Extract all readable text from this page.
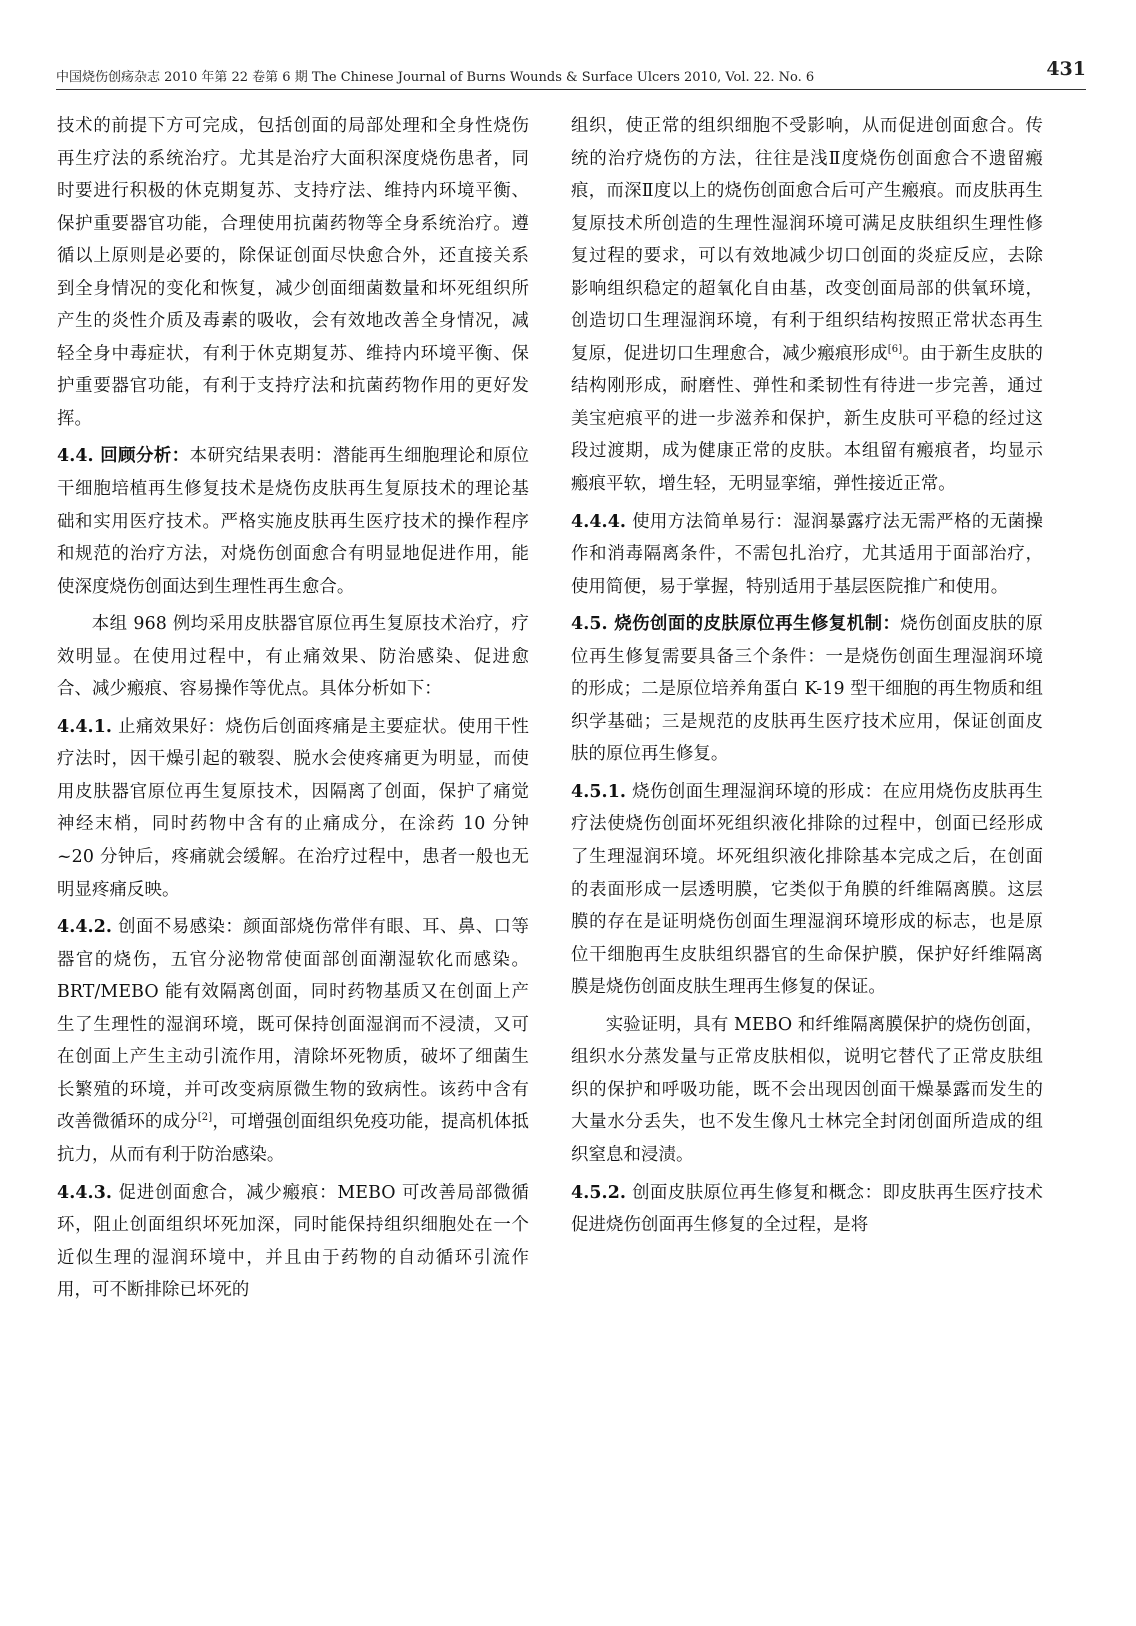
中国烧伤创疡杂志 2010 年第 22 卷第 6 期 The Chinese Journal of Burns Wounds & Surface Ulcers 2010, Vol. 22. No. 6	431

技术的前提下方可完成，包括创面的局部处理和全身性烧伤再生疗法的系统治疗。尤其是治疗大面积深度烧伤患者，同时要进行积极的休克期复苏、支持疗法、维持内环境平衡、保护重要器官功能，合理使用抗菌药物等全身系统治疗。遵循以上原则是必要的，除保证创面尽快愈合外，还直接关系到全身情况的变化和恢复，减少创面细菌数量和坏死组织所产生的炎性介质及毒素的吸收，会有效地改善全身情况，减轻全身中毒症状，有利于休克期复苏、维持内环境平衡、保护重要器官功能，有利于支持疗法和抗菌药物作用的更好发挥。

4.4. 回顾分析：本研究结果表明：潜能再生细胞理论和原位干细胞培植再生修复技术是烧伤皮肤再生复原技术的理论基础和实用医疗技术。严格实施皮肤再生医疗技术的操作程序和规范的治疗方法，对烧伤创面愈合有明显地促进作用，能使深度烧伤创面达到生理性再生愈合。

本组 968 例均采用皮肤器官原位再生复原技术治疗，疗效明显。在使用过程中，有止痛效果、防治感染、促进愈合、减少瘢痕、容易操作等优点。具体分析如下：

4.4.1. 止痛效果好：烧伤后创面疼痛是主要症状。使用干性疗法时，因干燥引起的皲裂、脱水会使疼痛更为明显，而使用皮肤器官原位再生复原技术，因隔离了创面，保护了痛觉神经末梢，同时药物中含有的止痛成分，在涂药 10 分钟 ~20 分钟后，疼痛就会缓解。在治疗过程中，患者一般也无明显疼痛反映。

4.4.2. 创面不易感染：颜面部烧伤常伴有眼、耳、鼻、口等器官的烧伤，五官分泌物常使面部创面潮湿软化而感染。BRT/MEBO 能有效隔离创面，同时药物基质又在创面上产生了生理性的湿润环境，既可保持创面湿润而不浸渍，又可在创面上产生主动引流作用，清除坏死物质，破坏了细菌生长繁殖的环境，并可改变病原微生物的致病性。该药中含有改善微循环的成分[2]，可增强创面组织免疫功能，提高机体抵抗力，从而有利于防治感染。

4.4.3. 促进创面愈合，减少瘢痕：MEBO 可改善局部微循环，阻止创面组织坏死加深，同时能保持组织细胞处在一个近似生理的湿润环境中，并且由于药物的自动循环引流作用，可不断排除已坏死的

组织，使正常的组织细胞不受影响，从而促进创面愈合。传统的治疗烧伤的方法，往往是浅Ⅱ度烧伤创面愈合不遗留瘢痕，而深Ⅱ度以上的烧伤创面愈合后可产生瘢痕。而皮肤再生复原技术所创造的生理性湿润环境可满足皮肤组织生理性修复过程的要求，可以有效地减少切口创面的炎症反应，去除影响组织稳定的超氧化自由基，改变创面局部的供氧环境，创造切口生理湿润环境，有利于组织结构按照正常状态再生复原，促进切口生理愈合，减少瘢痕形成[6]。由于新生皮肤的结构刚形成，耐磨性、弹性和柔韧性有待进一步完善，通过美宝疤痕平的进一步滋养和保护，新生皮肤可平稳的经过这段过渡期，成为健康正常的皮肤。本组留有瘢痕者，均显示瘢痕平软，增生轻，无明显挛缩，弹性接近正常。

4.4.4. 使用方法简单易行：湿润暴露疗法无需严格的无菌操作和消毒隔离条件，不需包扎治疗，尤其适用于面部治疗，使用简便，易于掌握，特别适用于基层医院推广和使用。

4.5. 烧伤创面的皮肤原位再生修复机制：烧伤创面皮肤的原位再生修复需要具备三个条件：一是烧伤创面生理湿润环境的形成；二是原位培养角蛋白 K-19 型干细胞的再生物质和组织学基础；三是规范的皮肤再生医疗技术应用，保证创面皮肤的原位再生修复。

4.5.1. 烧伤创面生理湿润环境的形成：在应用烧伤皮肤再生疗法使烧伤创面坏死组织液化排除的过程中，创面已经形成了生理湿润环境。坏死组织液化排除基本完成之后，在创面的表面形成一层透明膜，它类似于角膜的纤维隔离膜。这层膜的存在是证明烧伤创面生理湿润环境形成的标志，也是原位干细胞再生皮肤组织器官的生命保护膜，保护好纤维隔离膜是烧伤创面皮肤生理再生修复的保证。

实验证明，具有 MEBO 和纤维隔离膜保护的烧伤创面，组织水分蒸发量与正常皮肤相似，说明它替代了正常皮肤组织的保护和呼吸功能，既不会出现因创面干燥暴露而发生的大量水分丢失，也不发生像凡士林完全封闭创面所造成的组织窒息和浸渍。

4.5.2. 创面皮肤原位再生修复和概念：即皮肤再生医疗技术促进烧伤创面再生修复的全过程，是将
